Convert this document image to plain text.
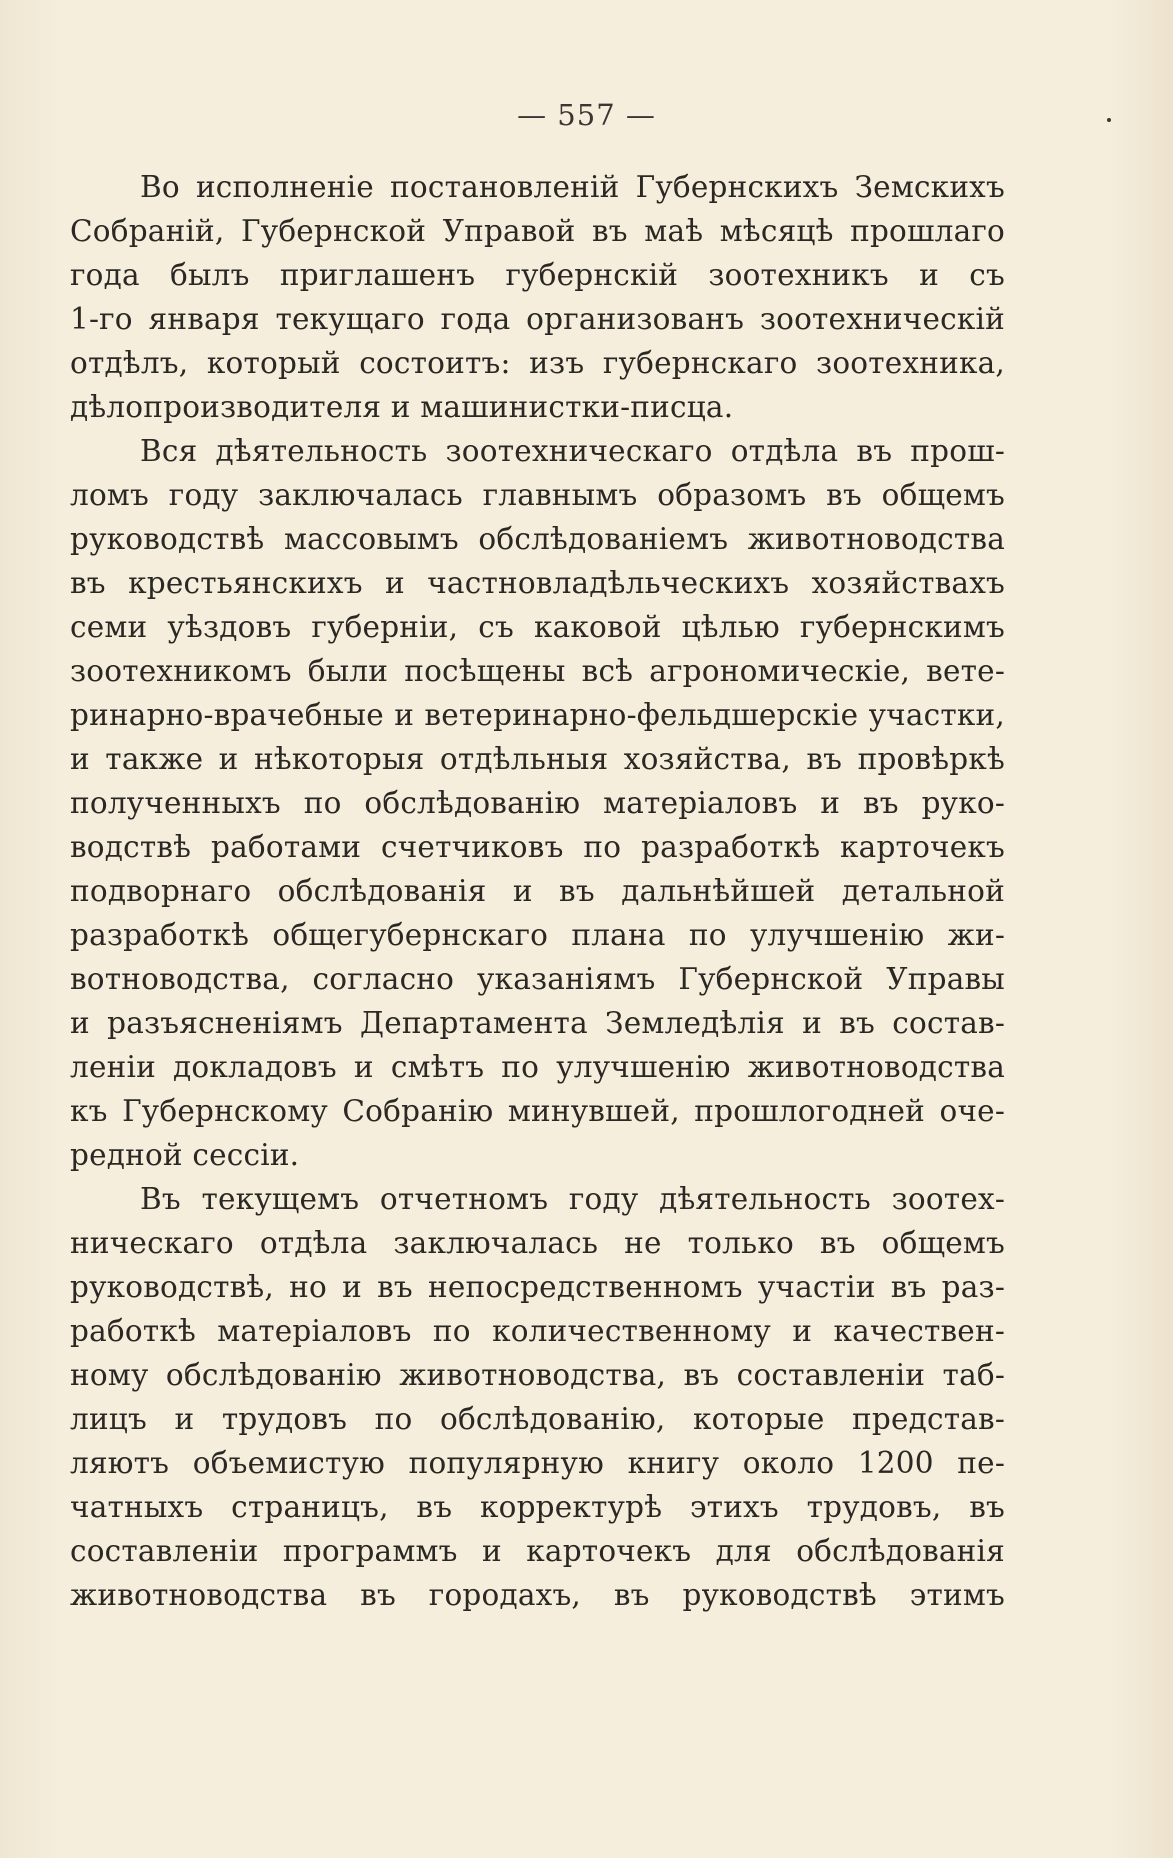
— 557 —
Во исполненіе постановленій Губернскихъ Земскихъ
Собраній, Губернской Управой въ маѣ мѣсяцѣ прошлаго
года былъ приглашенъ губернскій зоотехникъ и съ
1-го января текущаго года организованъ зоотехническій
отдѣлъ, который состоитъ: изъ губернскаго зоотехника,
дѣлопроизводителя и машинистки-писца.
Вся дѣятельность зоотехническаго отдѣла въ прош-
ломъ году заключалась главнымъ образомъ въ общемъ
руководствѣ массовымъ обслѣдованіемъ животноводства
въ крестьянскихъ и частновладѣльческихъ хозяйствахъ
семи уѣздовъ губерніи, съ каковой цѣлью губернскимъ
зоотехникомъ были посѣщены всѣ агрономическіе, вете-
ринарно-врачебные и ветеринарно-фельдшерскіе участки,
и также и нѣкоторыя отдѣльныя хозяйства, въ провѣркѣ
полученныхъ по обслѣдованію матеріаловъ и въ руко-
водствѣ работами счетчиковъ по разработкѣ карточекъ
подворнаго обслѣдованія и въ дальнѣйшей детальной
разработкѣ общегубернскаго плана по улучшенію жи-
вотноводства, согласно указаніямъ Губернской Управы
и разъясненіямъ Департамента Земледѣлія и въ состав-
леніи докладовъ и смѣтъ по улучшенію животноводства
къ Губернскому Собранію минувшей, прошлогодней оче-
редной сессіи.
Въ текущемъ отчетномъ году дѣятельность зоотех-
ническаго отдѣла заключалась не только въ общемъ
руководствѣ, но и въ непосредственномъ участіи въ раз-
работкѣ матеріаловъ по количественному и качествен-
ному обслѣдованію животноводства, въ составленіи таб-
лицъ и трудовъ по обслѣдованію, которые представ-
ляютъ объемистую популярную книгу около 1200 пе-
чатныхъ страницъ, въ корректурѣ этихъ трудовъ, въ
составленіи программъ и карточекъ для обслѣдованія
животноводства въ городахъ, въ руководствѣ этимъ
